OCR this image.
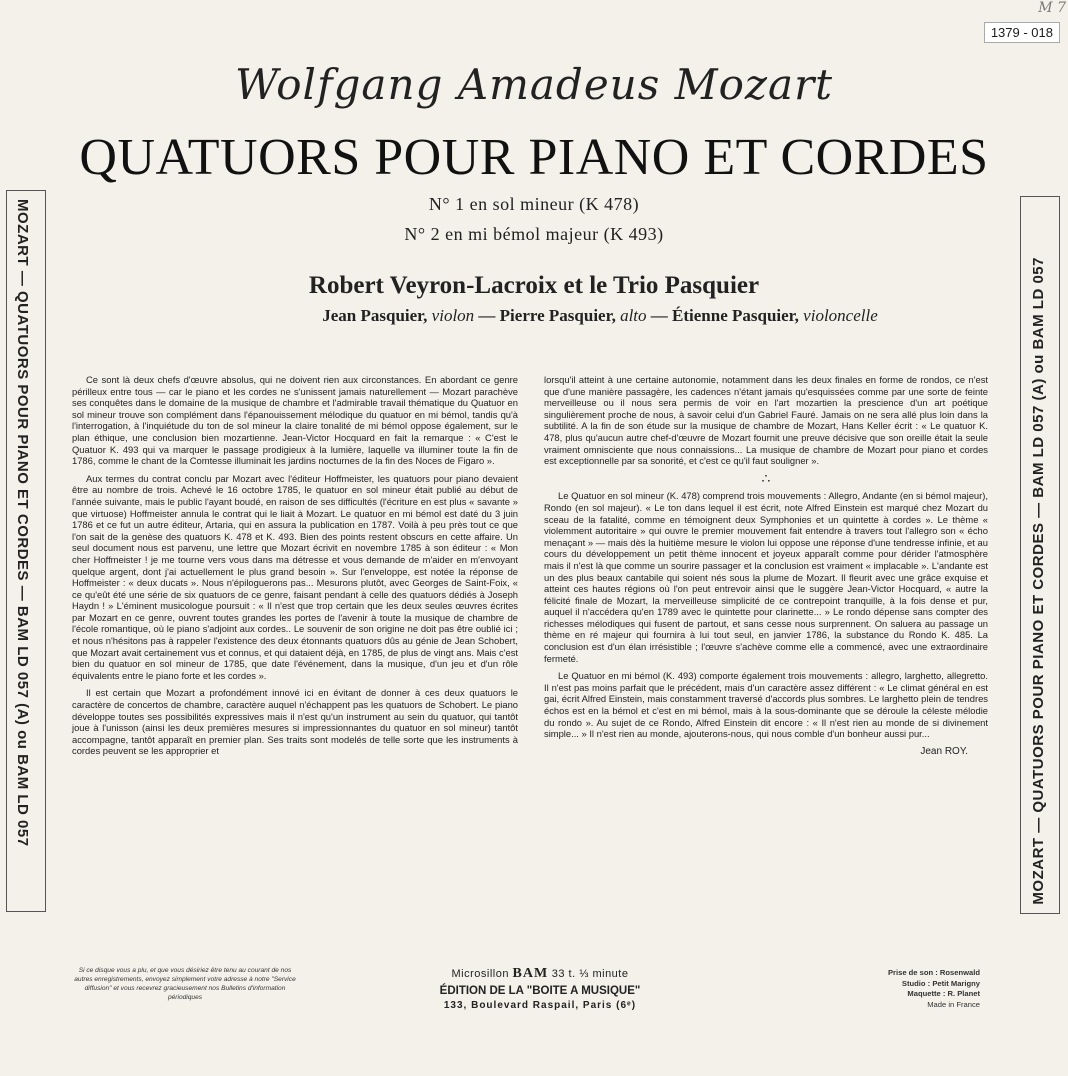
M 7
1379 - 018
Wolfgang Amadeus Mozart
QUATUORS POUR PIANO ET CORDES
N° 1 en sol mineur (K 478)
N° 2 en mi bémol majeur (K 493)
Robert Veyron-Lacroix et le Trio Pasquier
Jean Pasquier, violon — Pierre Pasquier, alto — Étienne Pasquier, violoncelle
MOZART — QUATUORS POUR PIANO ET CORDES — BAM LD 057 (A) ou BAM LD 057	MOZART — QUATUORS POUR PIANO ET CORDES — BAM LD 057 (A) ou BAM LD 057

Ce sont là deux chefs d'œuvre absolus, qui ne doivent rien aux circonstances. En abordant ce genre périlleux entre tous — car le piano et les cordes ne s'unissent jamais naturellement — Mozart parachève ses conquêtes dans le domaine de la musique de chambre et l'admirable travail thématique du Quatuor en sol mineur trouve son complément dans l'épanouissement mélodique du quatuor en mi bémol, tandis qu'à l'interrogation, à l'inquiétude du ton de sol mineur la claire tonalité de mi bémol oppose également, sur le plan éthique, une conclusion bien mozartienne. Jean-Victor Hocquard en fait la remarque : « C'est le Quatuor K. 493 qui va marquer le passage prodigieux à la lumière, laquelle va illuminer toute la fin de 1786, comme le chant de la Comtesse illuminait les jardins nocturnes de la fin des Noces de Figaro ».

Aux termes du contrat conclu par Mozart avec l'éditeur Hoffmeister, les quatuors pour piano devaient être au nombre de trois. Achevé le 16 octobre 1785, le quatuor en sol mineur était publié au début de l'année suivante, mais le public l'ayant boudé, en raison de ses difficultés (l'écriture en est plus « savante » que virtuose) Hoffmeister annula le contrat qui le liait à Mozart. Le quatuor en mi bémol est daté du 3 juin 1786 et ce fut un autre éditeur, Artaria, qui en assura la publication en 1787. Voilà à peu près tout ce que l'on sait de la genèse des quatuors K. 478 et K. 493. Bien des points restent obscurs en cette affaire. Un seul document nous est parvenu, une lettre que Mozart écrivit en novembre 1785 à son éditeur : « Mon cher Hoffmeister ! je me tourne vers vous dans ma détresse et vous demande de m'aider en m'envoyant quelque argent, dont j'ai actuellement le plus grand besoin ». Sur l'enveloppe, est notée la réponse de Hoffmeister : « deux ducats ». Nous n'épiloguerons pas... Mesurons plutôt, avec Georges de Saint-Foix, « ce qu'eût été une série de six quatuors de ce genre, faisant pendant à celle des quatuors dédiés à Joseph Haydn ! » L'éminent musicologue poursuit : « Il n'est que trop certain que les deux seules œuvres écrites par Mozart en ce genre, ouvrent toutes grandes les portes de l'avenir à toute la musique de chambre de l'école romantique, où le piano s'adjoint aux cordes.. Le souvenir de son origine ne doit pas être oublié ici ; et nous n'hésitons pas à rappeler l'existence des deux étonnants quatuors dûs au génie de Jean Schobert, que Mozart avait certainement vus et connus, et qui dataient déjà, en 1785, de plus de vingt ans. Mais c'est bien du quatuor en sol mineur de 1785, que date l'événement, dans la musique, d'un jeu et d'un rôle équivalents entre le piano forte et les cordes ».

Il est certain que Mozart a profondément innové ici en évitant de donner à ces deux quatuors le caractère de concertos de chambre, caractère auquel n'échappent pas les quatuors de Schobert. Le piano développe toutes ses possibilités expressives mais il n'est qu'un instrument au sein du quatuor, qui tantôt joue à l'unisson (ainsi les deux premières mesures si impressionnantes du quatuor en sol mineur) tantôt accompagne, tantôt apparaît en premier plan. Ses traits sont modelés de telle sorte que les instruments à cordes peuvent se les approprier et

lorsqu'il atteint à une certaine autonomie, notamment dans les deux finales en forme de rondos, ce n'est que d'une manière passagère, les cadences n'étant jamais qu'esquissées comme par une sorte de feinte merveilleuse ou il nous sera permis de voir en l'art mozartien la prescience d'un art poétique singulièrement proche de nous, à savoir celui d'un Gabriel Fauré. Jamais on ne sera allé plus loin dans la subtilité. A la fin de son étude sur la musique de chambre de Mozart, Hans Keller écrit : « Le quatuor K. 478, plus qu'aucun autre chef-d'œuvre de Mozart fournit une preuve décisive que son oreille était la seule vraiment omnisciente que nous connaissions... La musique de chambre de Mozart pour piano et cordes est exceptionnelle par sa sonorité, et c'est ce qu'il faut souligner ».

∴

Le Quatuor en sol mineur (K. 478) comprend trois mouvements : Allegro, Andante (en si bémol majeur), Rondo (en sol majeur). « Le ton dans lequel il est écrit, note Alfred Einstein est marqué chez Mozart du sceau de la fatalité, comme en témoignent deux Symphonies et un quintette à cordes ». Le thème « violemment autoritaire » qui ouvre le premier mouvement fait entendre à travers tout l'allegro son « écho menaçant » — mais dès la huitième mesure le violon lui oppose une réponse d'une tendresse infinie, et au cours du développement un petit thème innocent et joyeux apparaît comme pour dérider l'atmosphère mais il n'est là que comme un sourire passager et la conclusion est vraiment « implacable ». L'andante est un des plus beaux cantabile qui soient nés sous la plume de Mozart. Il fleurit avec une grâce exquise et atteint ces hautes régions où l'on peut entrevoir ainsi que le suggère Jean-Victor Hocquard, « autre la félicité finale de Mozart, la merveilleuse simplicité de ce contrepoint tranquille, à la fois dense et pur, auquel il n'accédera qu'en 1789 avec le quintette pour clarinette... » Le rondo dépense sans compter des richesses mélodiques qui fusent de partout, et sans cesse nous surprennent. On saluera au passage un thème en ré majeur qui fournira à lui tout seul, en janvier 1786, la substance du Rondo K. 485. La conclusion est d'un élan irrésistible ; l'œuvre s'achève comme elle a commencé, avec une extraordinaire fermeté.

Le Quatuor en mi bémol (K. 493) comporte également trois mouvements : allegro, larghetto, allegretto. Il n'est pas moins parfait que le précédent, mais d'un caractère assez différent : « Le climat général en est gai, écrit Alfred Einstein, mais constamment traversé d'accords plus sombres. Le larghetto plein de tendres échos est en la bémol et c'est en mi bémol, mais à la sous-dominante que se déroule la céleste mélodie du rondo ». Au sujet de ce Rondo, Alfred Einstein dit encore : « Il n'est rien au monde de si divinement simple... » Il n'est rien au monde, ajouterons-nous, qui nous comble d'un bonheur aussi pur...

Jean ROY.

Si ce disque vous a plu, et que vous désiriez être tenu au courant de nos autres enregistrements, envoyez simplement votre adresse à notre "Service diffusion" et vous recevrez gracieusement nos Bulletins d'information périodiques
Microsillon BAM 33 t. ⅓ minute
ÉDITION DE LA "BOITE A MUSIQUE"
133, Boulevard Raspail, Paris (6ᵉ)
Prise de son : Rosenwald
Studio : Petit Marigny
Maquette : R. Planet
Made in France
